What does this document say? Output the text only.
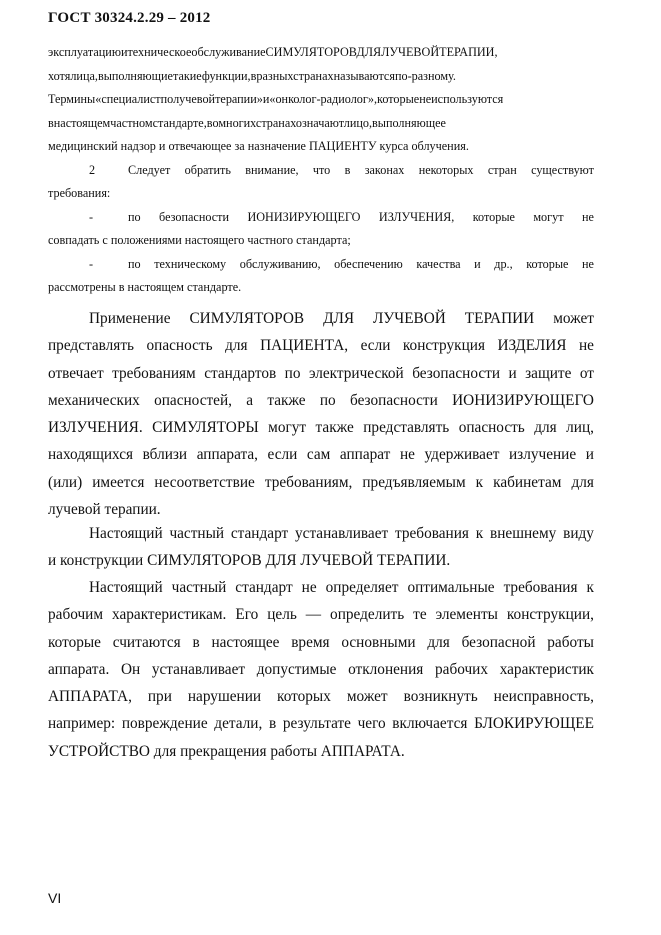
ГОСТ 30324.2.29 – 2012
эксплуатациюитехническоеобслуживаниеСИМУЛЯТОРОВДЛЯЛУЧЕВОЙТЕРАПИИ,
хотялица,выполняющиетакиефункции,вразныхстранахназываютсяпо-разному.
Термины«специалистполучевойтерапии»и«онколог-радиолог»,которыенеиспользуются
внастоящемчастномстандарте,вомногихстранахозначаютлицо,выполняющее
медицинский надзор и отвечающее за назначение ПАЦИЕНТУ курса облучения.
2	Следует обратить внимание, что в законах некоторых стран существуют
требования:
-	по безопасности ИОНИЗИРУЮЩЕГО ИЗЛУЧЕНИЯ, которые могут не
совпадать с положениями настоящего частного стандарта;
-	по техническому обслуживанию, обеспечению качества и др., которые не
рассмотрены в настоящем стандарте.
Применение СИМУЛЯТОРОВ ДЛЯ ЛУЧЕВОЙ ТЕРАПИИ может
представлять опасность для ПАЦИЕНТА, если конструкция ИЗДЕЛИЯ не
отвечает требованиям стандартов по электрической безопасности и защите от
механических опасностей, а также по безопасности ИОНИЗИРУЮЩЕГО
ИЗЛУЧЕНИЯ. СИМУЛЯТОРЫ могут также представлять опасность для лиц,
находящихся вблизи аппарата, если сам аппарат не удерживает излучение и
(или) имеется несоответствие требованиям, предъявляемым к кабинетам для
лучевой терапии.
Настоящий частный стандарт устанавливает требования к внешнему виду
и конструкции СИМУЛЯТОРОВ ДЛЯ ЛУЧЕВОЙ ТЕРАПИИ.
Настоящий частный стандарт не определяет оптимальные требования к
рабочим характеристикам. Его цель — определить те элементы конструкции,
которые считаются в настоящее время основными для безопасной работы
аппарата. Он устанавливает допустимые отклонения рабочих характеристик
АППАРАТА, при нарушении которых может возникнуть неисправность,
например: повреждение детали, в результате чего включается БЛОКИРУЮЩЕЕ
УСТРОЙСТВО для прекращения работы АППАРАТА.
VI
